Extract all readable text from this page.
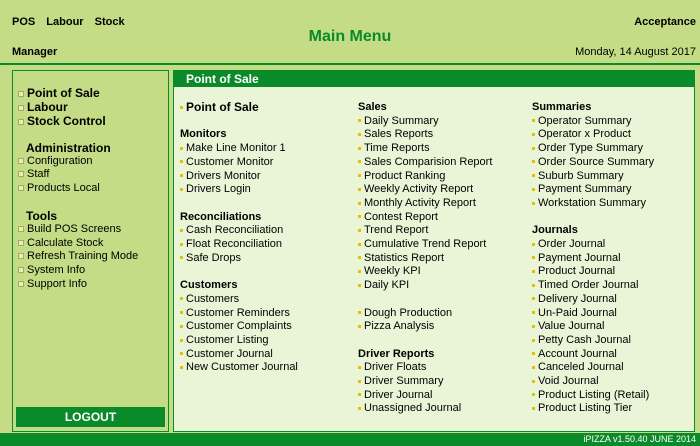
POS Labour Stock	Acceptance
Main Menu
Manager	Monday, 14 August 2017
Point of Sale
Labour
Stock Control
Administration
Configuration
Staff
Products Local
Tools
Build POS Screens
Calculate Stock
Refresh Training Mode
System Info
Support Info
LOGOUT
Point of Sale
Point of Sale
Monitors
Make Line Monitor 1
Customer Monitor
Drivers Monitor
Drivers Login
Reconciliations
Cash Reconciliation
Float Reconciliation
Safe Drops
Customers
Customers
Customer Reminders
Customer Complaints
Customer Listing
Customer Journal
New Customer Journal
Sales
Daily Summary
Sales Reports
Time Reports
Sales Comparision Report
Product Ranking
Weekly Activity Report
Monthly Activity Report
Contest Report
Trend Report
Cumulative Trend Report
Statistics Report
Weekly KPI
Daily KPI
Dough Production
Pizza Analysis
Driver Reports
Driver Floats
Driver Summary
Driver Journal
Unassigned Journal
Summaries
Operator Summary
Operator x Product
Order Type Summary
Order Source Summary
Suburb Summary
Payment Summary
Workstation Summary
Journals
Order Journal
Payment Journal
Product Journal
Timed Order Journal
Delivery Journal
Un-Paid Journal
Value Journal
Petty Cash Journal
Account Journal
Canceled Journal
Void Journal
Product Listing (Retail)
Product Listing Tier
iPIZZA v1.50.40 JUNE 2014
